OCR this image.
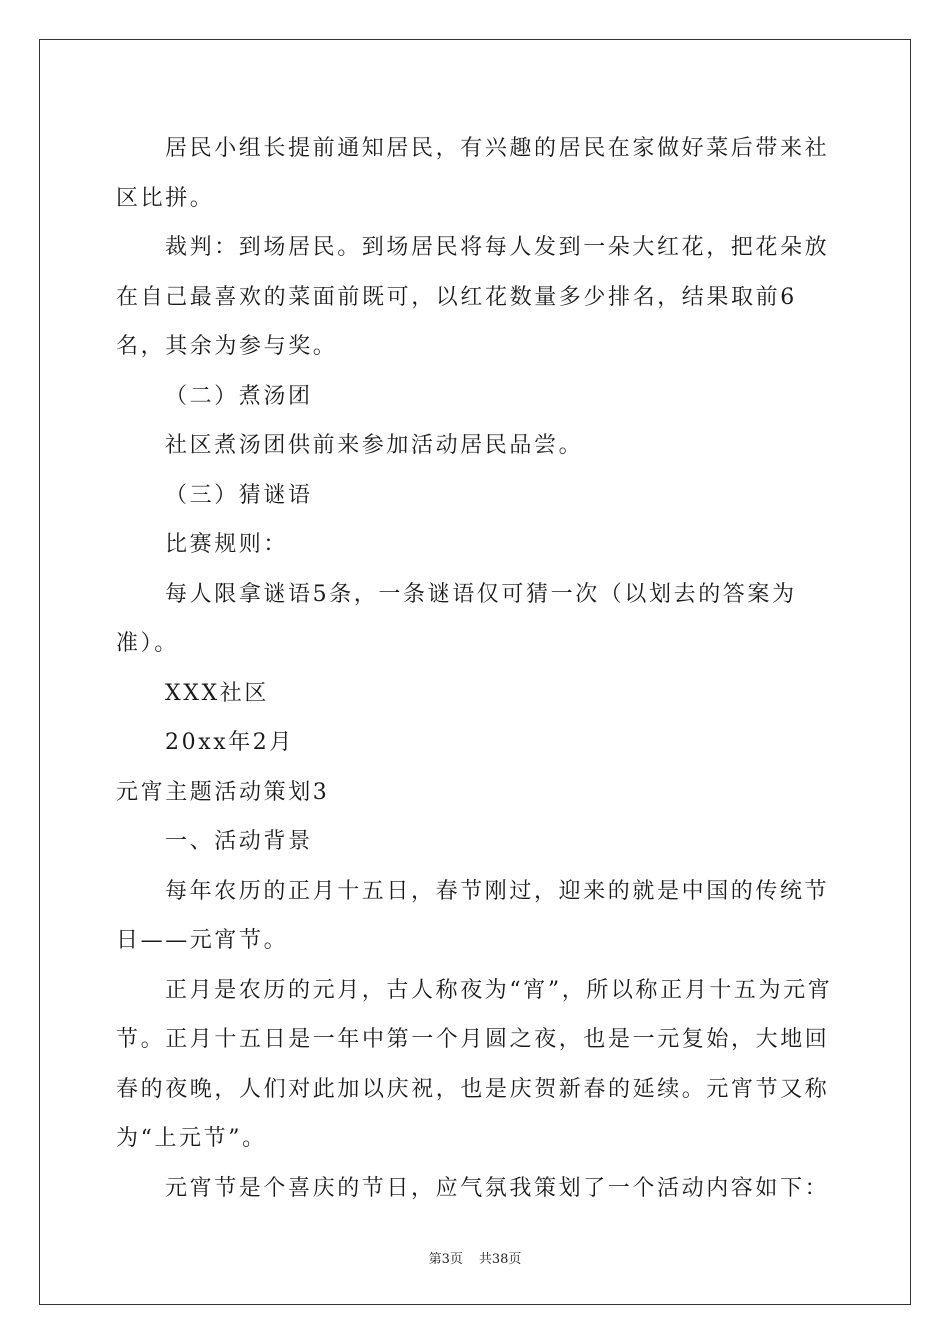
居民小组长提前通知居民，有兴趣的居民在家做好菜后带来社区比拼。

裁判：到场居民。到场居民将每人发到一朵大红花，把花朵放在自己最喜欢的菜面前既可，以红花数量多少排名，结果取前6名，其余为参与奖。

（二）煮汤团

社区煮汤团供前来参加活动居民品尝。

（三）猜谜语

比赛规则：

每人限拿谜语5条，一条谜语仅可猜一次（以划去的答案为准）。

XXX社区

20xx年2月

元宵主题活动策划3

一、活动背景

每年农历的正月十五日，春节刚过，迎来的就是中国的传统节日——元宵节。

正月是农历的元月，古人称夜为“宵”，所以称正月十五为元宵节。正月十五日是一年中第一个月圆之夜，也是一元复始，大地回春的夜晚，人们对此加以庆祝，也是庆贺新春的延续。元宵节又称为“上元节”。

元宵节是个喜庆的节日，应气氛我策划了一个活动内容如下：

第3页 共38页
